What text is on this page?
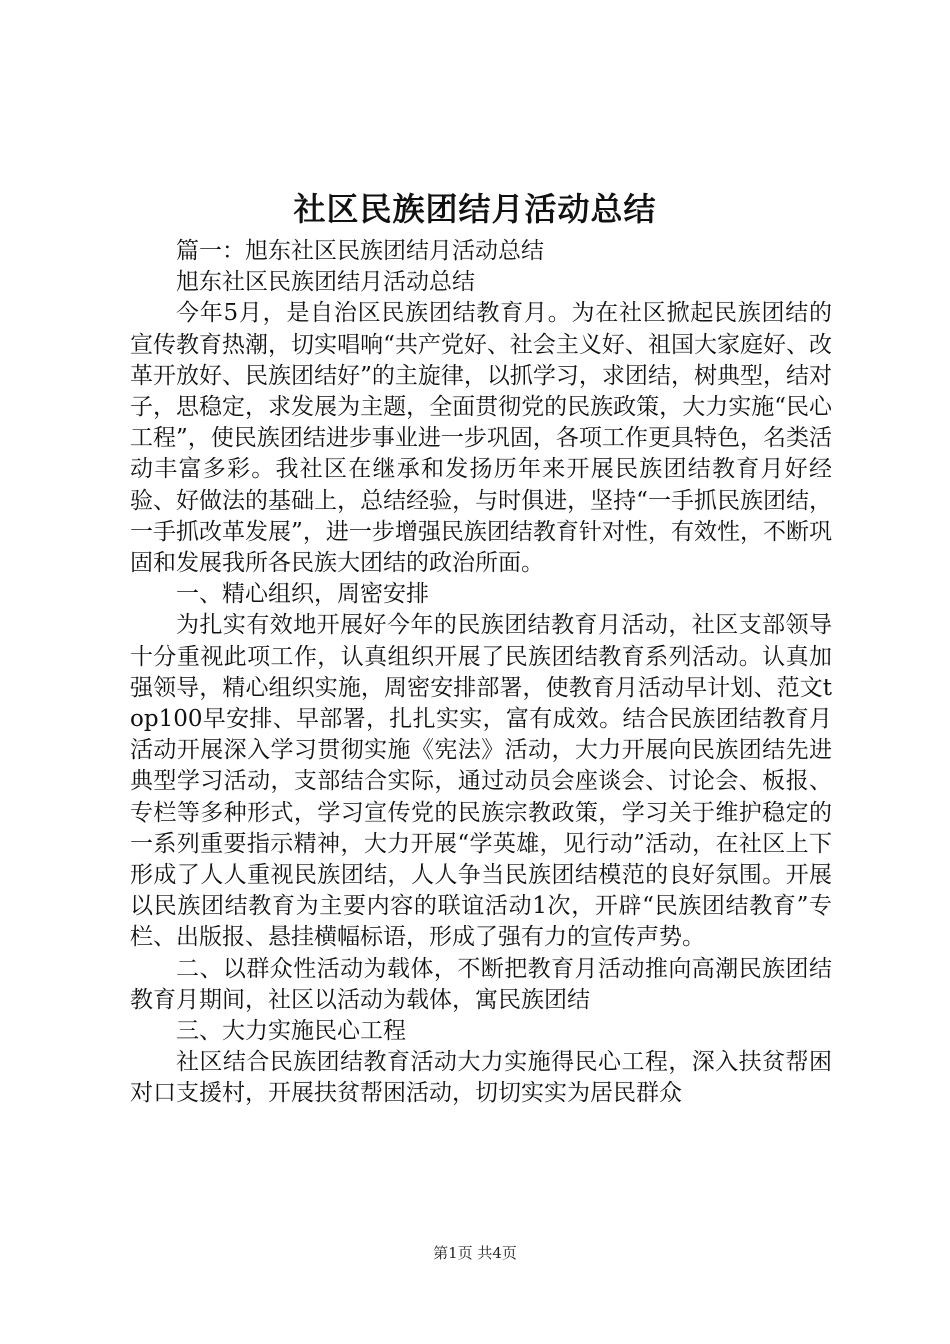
社区民族团结月活动总结

篇一：旭东社区民族团结月活动总结

旭东社区民族团结月活动总结

今年5月，是自治区民族团结教育月。为在社区掀起民族团结的宣传教育热潮，切实唱响“共产党好、社会主义好、祖国大家庭好、改革开放好、民族团结好”的主旋律，以抓学习，求团结，树典型，结对子，思稳定，求发展为主题，全面贯彻党的民族政策，大力实施“民心工程”，使民族团结进步事业进一步巩固，各项工作更具特色，名类活动丰富多彩。我社区在继承和发扬历年来开展民族团结教育月好经验、好做法的基础上，总结经验，与时俱进，坚持“一手抓民族团结，一手抓改革发展”，进一步增强民族团结教育针对性，有效性，不断巩固和发展我所各民族大团结的政治所面。

一、精心组织，周密安排

为扎实有效地开展好今年的民族团结教育月活动，社区支部领导十分重视此项工作，认真组织开展了民族团结教育系列活动。认真加强领导，精心组织实施，周密安排部署，使教育月活动早计划、范文top100早安排、早部署，扎扎实实，富有成效。结合民族团结教育月活动开展深入学习贯彻实施《宪法》活动，大力开展向民族团结先进典型学习活动，支部结合实际，通过动员会座谈会、讨论会、板报、专栏等多种形式，学习宣传党的民族宗教政策，学习关于维护稳定的一系列重要指示精神，大力开展“学英雄，见行动”活动，在社区上下形成了人人重视民族团结，人人争当民族团结模范的良好氛围。开展以民族团结教育为主要内容的联谊活动1次，开辟“民族团结教育”专栏、出版报、悬挂横幅标语，形成了强有力的宣传声势。

二、以群众性活动为载体，不断把教育月活动推向高潮民族团结教育月期间，社区以活动为载体，寓民族团结

三、大力实施民心工程

社区结合民族团结教育活动大力实施得民心工程，深入扶贫帮困对口支援村，开展扶贫帮困活动，切切实实为居民群众

第1页 共4页
